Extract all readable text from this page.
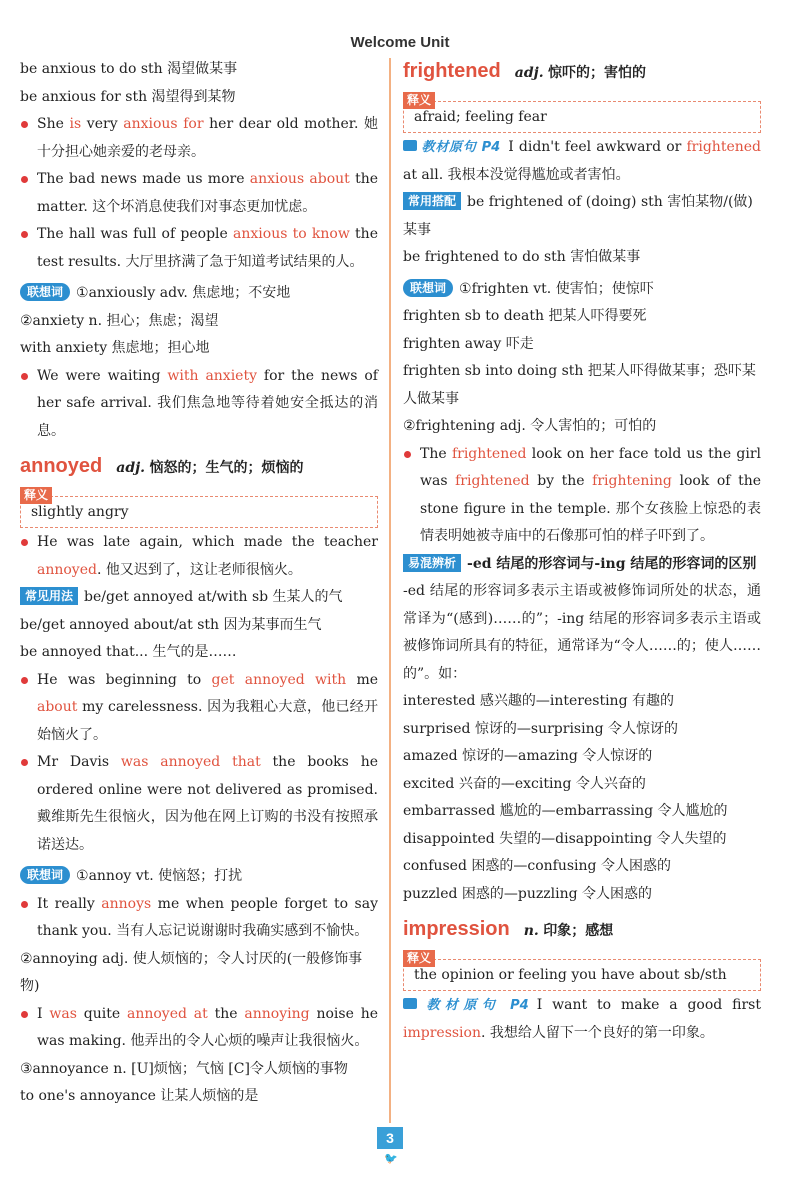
Welcome Unit

be anxious to do sth 渴望做某事

be anxious for sth 渴望得到某物

She is very anxious for her dear old mother. 她十分担心她亲爱的老母亲。

The bad news made us more anxious about the matter. 这个坏消息使我们对事态更加忧虑。

The hall was full of people anxious to know the test results. 大厅里挤满了急于知道考试结果的人。

联想词 ①anxiously adv. 焦虑地；不安地

②anxiety n. 担心；焦虑；渴望

with anxiety 焦虑地；担心地

We were waiting with anxiety for the news of her safe arrival. 我们焦急地等待着她安全抵达的消息。

annoyed adj. 恼怒的；生气的；烦恼的
slightly angry
释义

He was late again, which made the teacher annoyed. 他又迟到了，这让老师很恼火。

常见用法 be/get annoyed at/with sb 生某人的气

be/get annoyed about/at sth 因为某事而生气

be annoyed that... 生气的是……

He was beginning to get annoyed with me about my carelessness. 因为我粗心大意，他已经开始恼火了。

Mr Davis was annoyed that the books he ordered online were not delivered as promised. 戴维斯先生很恼火，因为他在网上订购的书没有按照承诺送达。

联想词 ①annoy vt. 使恼怒；打扰

It really annoys me when people forget to say thank you. 当有人忘记说谢谢时我确实感到不愉快。

②annoying adj. 使人烦恼的；令人讨厌的(一般修饰事物)

I was quite annoyed at the annoying noise he was making. 他弄出的令人心烦的噪声让我很恼火。

③annoyance n. [U]烦恼；气恼 [C]令人烦恼的事物

to one's annoyance 让某人烦恼的是

frightened adj. 惊吓的；害怕的
afraid; feeling fear
释义

教材原句 P4 I didn't feel awkward or frightened at all. 我根本没觉得尴尬或者害怕。

常用搭配 be frightened of (doing) sth 害怕某物/(做)某事

be frightened to do sth 害怕做某事

联想词 ①frighten vt. 使害怕；使惊吓

frighten sb to death 把某人吓得要死

frighten away 吓走

frighten sb into doing sth 把某人吓得做某事；恐吓某人做某事

②frightening adj. 令人害怕的；可怕的

The frightened look on her face told us the girl was frightened by the frightening look of the stone figure in the temple. 那个女孩脸上惊恐的表情表明她被寺庙中的石像那可怕的样子吓到了。

易混辨析 -ed 结尾的形容词与-ing 结尾的形容词的区别

-ed 结尾的形容词多表示主语或被修饰词所处的状态，通常译为“(感到)……的”；-ing 结尾的形容词多表示主语或被修饰词所具有的特征，通常译为“令人……的；使人……的”。如：

interested 感兴趣的—interesting 有趣的

surprised 惊讶的—surprising 令人惊讶的

amazed 惊讶的—amazing 令人惊讶的

excited 兴奋的—exciting 令人兴奋的

embarrassed 尴尬的—embarrassing 令人尴尬的

disappointed 失望的—disappointing 令人失望的

confused 困惑的—confusing 令人困惑的

puzzled 困惑的—puzzling 令人困惑的

impression n. 印象；感想
the opinion or feeling you have about sb/sth
释义

教材原句 P4 I want to make a good first impression. 我想给人留下一个良好的第一印象。

3
🐦
